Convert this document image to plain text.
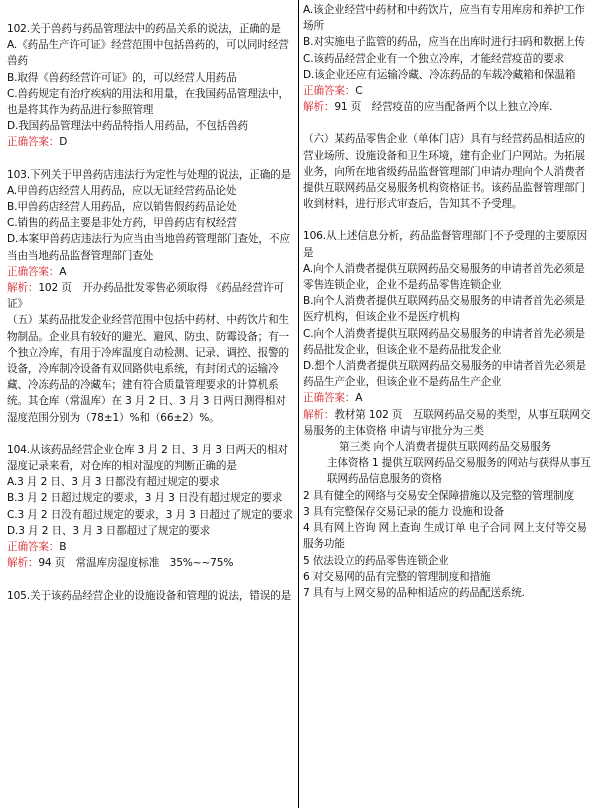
102.关于兽药与药品管理法中的药品关系的说法，正确的是

A.《药品生产许可证》经营范围中包括兽药的，可以同时经营兽药

B.取得《兽药经营许可证》的，可以经营人用药品

C.兽药规定有治疗疾病的用法和用量，在我国药品管理法中，也是将其作为药品进行参照管理

D.我国药品管理法中药品特指人用药品，不包括兽药

正确答案：D

103.下列关于甲兽药店违法行为定性与处理的说法，正确的是

A.甲兽药店经营人用药品，应以无证经营药品论处

B.甲兽药店经营人用药品，应以销售假药药品论处

C.销售的药品主要是非处方药，甲兽药店有权经营

D.本案甲兽药店违法行为应当由当地兽药管理部门查处，不应当由当地药品监督管理部门查处

正确答案：A

解析：102 页　开办药品批发零售必须取得 《药品经营许可证》

（五）某药品批发企业经营范围中包括中药材、中药饮片和生物制品。企业具有较好的避光、避风、防虫、防霉设备；有一个独立冷库，有用于冷库温度自动检测、记录、调控、报警的设备，冷库制冷设备有双回路供电系统，有封闭式的运输冷藏、冷冻药品的冷藏车；建有符合质量管理要求的计算机系统。其仓库（常温库）在 3 月 2 日、3 月 3 日两日测得相对湿度范围分别为（78±1）%和（66±2）%。

104.从该药品经营企业仓库 3 月 2 日、3 月 3 日两天的相对湿度记录来看，对仓库的相对湿度的判断正确的是

A.3 月 2 日、3 月 3 日都没有超过规定的要求

B.3 月 2 日超过规定的要求，3 月 3 日没有超过规定的要求

C.3 月 2 日没有超过规定的要求，3 月 3 日超过了规定的要求

D.3 月 2 日、3 月 3 日都超过了规定的要求

正确答案：B

解析：94 页　常温库房湿度标准　35%~~75%

105.关于该药品经营企业的设施设备和管理的说法，错误的是

A.该企业经营中药材和中药饮片，应当有专用库房和养护工作场所

B.对实施电子监管的药品，应当在出库时进行扫码和数据上传

C.该药品经营企业有一个独立冷库，才能经营疫苗的要求

D.该企业还应有运输冷藏、冷冻药品的车载冷藏箱和保温箱

正确答案：C

解析：91 页　经营疫苗的应当配备两个以上独立冷库.

（六）某药品零售企业（单体门店）具有与经营药品相适应的营业场所、设施设备和卫生环境，建有企业门户网站。为拓展业务，向所在地省级药品监督管理部门申请办理向个人消费者提供互联网药品交易服务机构资格证书。该药品监督管理部门收到材料，进行形式审查后，告知其不予受理。

106.从上述信息分析，药品监督管理部门不予受理的主要原因是

A.向个人消费者提供互联网药品交易服务的申请者首先必须是零售连锁企业，企业不是药品零售连锁企业

B.向个人消费者提供互联网药品交易服务的申请者首先必须是医疗机构，但该企业不是医疗机构

C.向个人消费者提供互联网药品交易服务的申请者首先必须是药品批发企业，但该企业不是药品批发企业

D.想个人消费者提供互联网药品交易服务的申请者首先必须是药品生产企业，但该企业不是药品生产企业

正确答案：A

解析：教材第 102 页　互联网药品交易的类型，从事互联网交易服务的主体资格 申请与审批分为三类

第三类 向个人消费者提供互联网药品交易服务

主体资格 1 提供互联网药品交易服务的网站与获得从事互联网药品信息服务的资格

2 具有健全的网络与交易安全保障措施以及完整的管理制度

3 具有完整保存交易记录的能力 设施和设备

4 具有网上咨询 网上查询 生成订单 电子合同 网上支付等交易服务功能

5 依法设立的药品零售连锁企业

6 对交易网的品有完整的管理制度和措施

7 具有与上网交易的品种相适应的药品配送系统.
